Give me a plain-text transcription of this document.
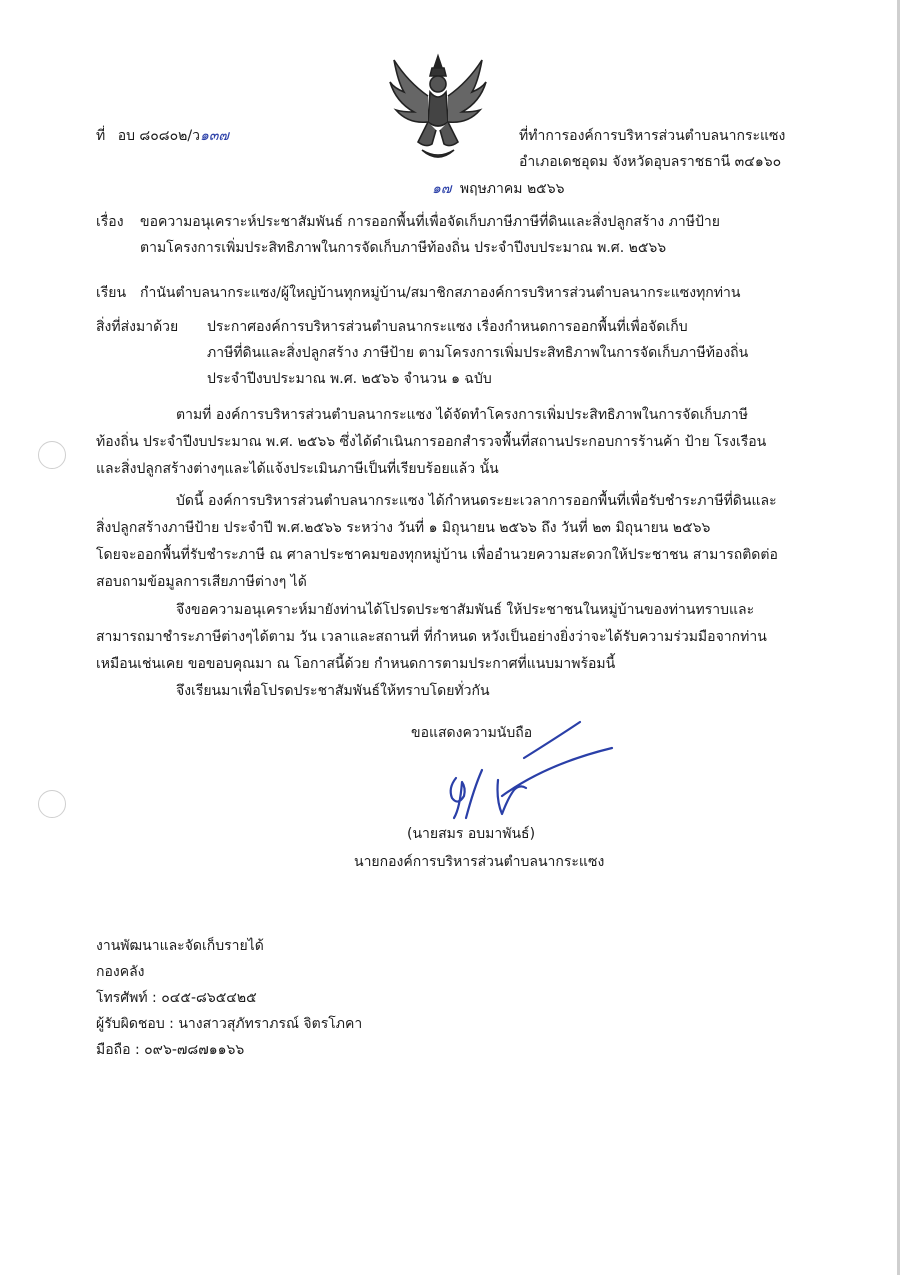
ที่ อบ ๘๐๘๐๒/ว๑๓๗	ที่ทำการองค์การบริหารส่วนตำบลนากระแซง
อำเภอเดชอุดม จังหวัดอุบลราชธานี ๓๔๑๖๐
๑๗ พฤษภาคม ๒๕๖๖
เรื่อง ขอความอนุเคราะห์ประชาสัมพันธ์ การออกพื้นที่เพื่อจัดเก็บภาษีภาษีที่ดินและสิ่งปลูกสร้าง ภาษีป้าย
ตามโครงการเพิ่มประสิทธิภาพในการจัดเก็บภาษีท้องถิ่น ประจำปีงบประมาณ พ.ศ. ๒๕๖๖
เรียน กำนันตำบลนากระแซง/ผู้ใหญ่บ้านทุกหมู่บ้าน/สมาชิกสภาองค์การบริหารส่วนตำบลนากระแซงทุกท่าน
สิ่งที่ส่งมาด้วย ประกาศองค์การบริหารส่วนตำบลนากระแซง เรื่องกำหนดการออกพื้นที่เพื่อจัดเก็บ
ภาษีที่ดินและสิ่งปลูกสร้าง ภาษีป้าย ตามโครงการเพิ่มประสิทธิภาพในการจัดเก็บภาษีท้องถิ่น
ประจำปีงบประมาณ พ.ศ. ๒๕๖๖ จำนวน ๑ ฉบับ
ตามที่ องค์การบริหารส่วนตำบลนากระแซง ได้จัดทำโครงการเพิ่มประสิทธิภาพในการจัดเก็บภาษี
ท้องถิ่น ประจำปีงบประมาณ พ.ศ. ๒๕๖๖ ซึ่งได้ดำเนินการออกสำรวจพื้นที่สถานประกอบการร้านค้า ป้าย โรงเรือน
และสิ่งปลูกสร้างต่างๆและได้แจ้งประเมินภาษีเป็นที่เรียบร้อยแล้ว นั้น
บัดนี้ องค์การบริหารส่วนตำบลนากระแซง ได้กำหนดระยะเวลาการออกพื้นที่เพื่อรับชำระภาษีที่ดินและ
สิ่งปลูกสร้างภาษีป้าย ประจำปี พ.ศ.๒๕๖๖ ระหว่าง วันที่ ๑ มิถุนายน ๒๕๖๖ ถึง วันที่ ๒๓ มิถุนายน ๒๕๖๖
โดยจะออกพื้นที่รับชำระภาษี ณ ศาลาประชาคมของทุกหมู่บ้าน เพื่ออำนวยความสะดวกให้ประชาชน สามารถติดต่อ
สอบถามข้อมูลการเสียภาษีต่างๆ ได้
จึงขอความอนุเคราะห์มายังท่านได้โปรดประชาสัมพันธ์ ให้ประชาชนในหมู่บ้านของท่านทราบและ
สามารถมาชำระภาษีต่างๆได้ตาม วัน เวลาและสถานที่ ที่กำหนด หวังเป็นอย่างยิ่งว่าจะได้รับความร่วมมือจากท่าน
เหมือนเช่นเคย ขอขอบคุณมา ณ โอกาสนี้ด้วย กำหนดการตามประกาศที่แนบมาพร้อมนี้
จึงเรียนมาเพื่อโปรดประชาสัมพันธ์ให้ทราบโดยทั่วกัน
ขอแสดงความนับถือ
(นายสมร อบมาพันธ์)
นายกองค์การบริหารส่วนตำบลนากระแซง
งานพัฒนาและจัดเก็บรายได้
กองคลัง
โทรศัพท์ : ๐๔๕-๘๖๕๔๒๕
ผู้รับผิดชอบ : นางสาวสุภัทราภรณ์ จิตรโภคา
มือถือ : ๐๙๖-๗๘๗๑๑๖๖
